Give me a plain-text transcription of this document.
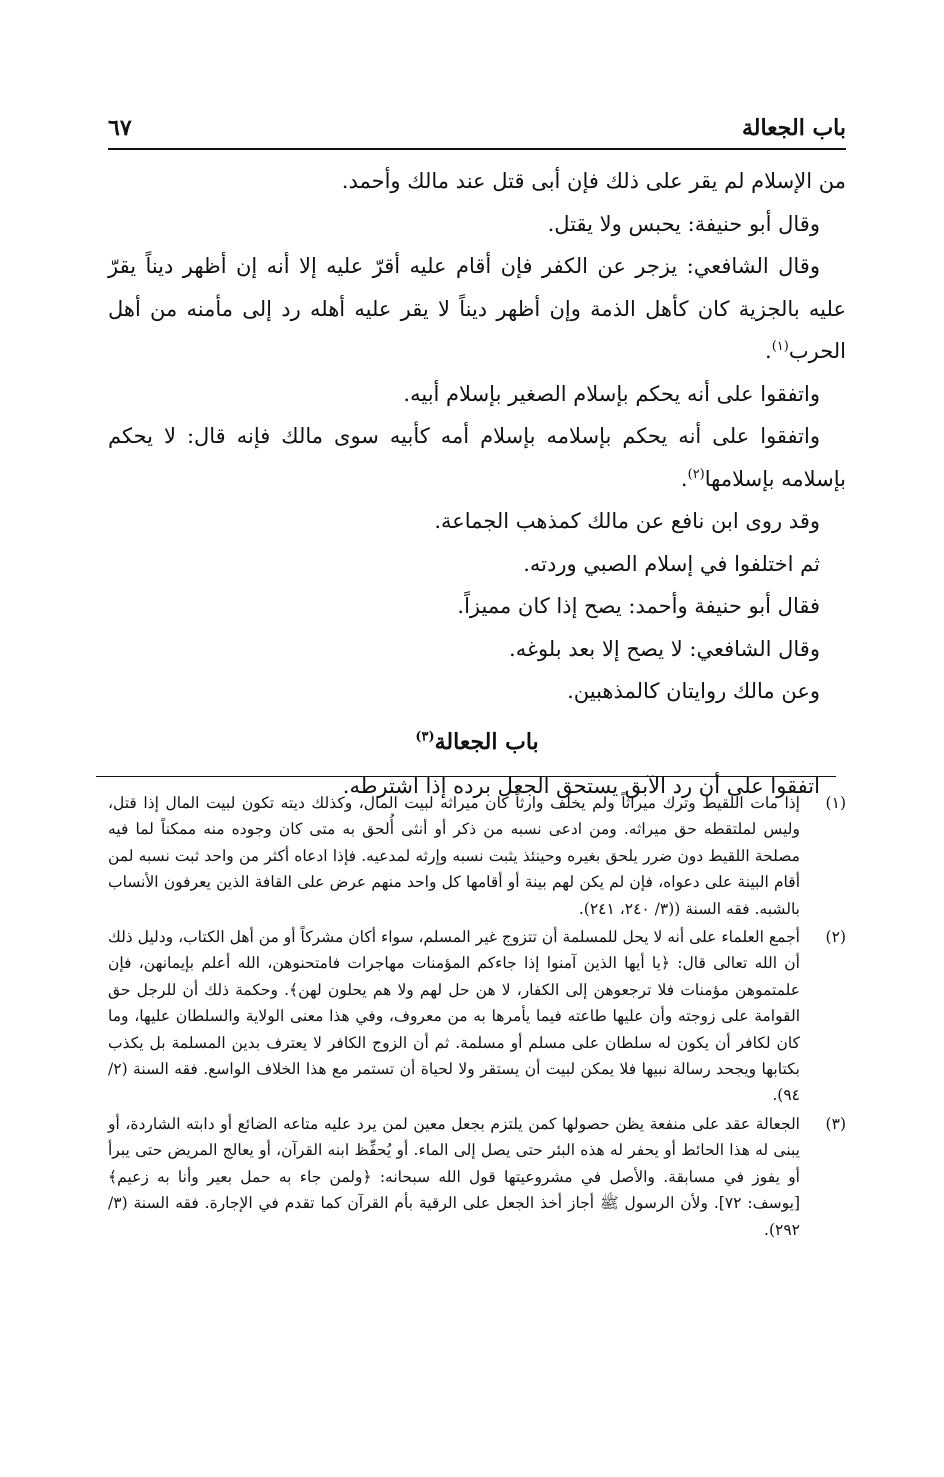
باب الجعالة
٦٧

من الإسلام لم يقر على ذلك فإن أبى قتل عند مالك وأحمد.

وقال أبو حنيفة: يحبس ولا يقتل.

وقال الشافعي: يزجر عن الكفر فإن أقام عليه أقرّ عليه إلا أنه إن أظهر ديناً يقرّ عليه بالجزية كان كأهل الذمة وإن أظهر ديناً لا يقر عليه أهله رد إلى مأمنه من أهل الحرب$^{(١)}$.

واتفقوا على أنه يحكم بإسلام الصغير بإسلام أبيه.

واتفقوا على أنه يحكم بإسلامه بإسلام أمه كأبيه سوى مالك فإنه قال: لا يحكم بإسلامه بإسلامها$^{(٢)}$.

وقد روى ابن نافع عن مالك كمذهب الجماعة.

ثم اختلفوا في إسلام الصبي وردته.

فقال أبو حنيفة وأحمد: يصح إذا كان مميزاً.

وقال الشافعي: لا يصح إلا بعد بلوغه.

وعن مالك روايتان كالمذهبين.

باب الجعالة$^{(٣)}$

اتفقوا على أن رد الآبق يستحق الجعل برده إذا اشترطه.

(١)
إذا مات اللقيط وترك ميراثاً ولم يخلف وارثاً كان ميراثه لبيت المال، وكذلك ديته تكون لبيت المال إذا قتل، وليس لملتقطه حق ميراثه. ومن ادعى نسبه من ذكر أو أنثى أُلحق به متى كان وجوده منه ممكناً لما فيه مصلحة اللقيط دون ضرر يلحق بغيره وحينئذ يثبت نسبه وإرثه لمدعيه. فإذا ادعاه أكثر من واحد ثبت نسبه لمن أقام البينة على دعواه، فإن لم يكن لهم بينة أو أقامها كل واحد منهم عرض على القافة الذين يعرفون الأنساب بالشبه. فقه السنة ((٣/ ٢٤٠، ٢٤١).
(٢)
أجمع العلماء على أنه لا يحل للمسلمة أن تتزوج غير المسلم، سواء أكان مشركاً أو من أهل الكتاب، ودليل ذلك أن الله تعالى قال: ﴿يا أيها الذين آمنوا إذا جاءكم المؤمنات مهاجرات فامتحنوهن، الله أعلم بإيمانهن، فإن علمتموهن مؤمنات فلا ترجعوهن إلى الكفار، لا هن حل لهم ولا هم يحلون لهن﴾. وحكمة ذلك أن للرجل حق القوامة على زوجته وأن عليها طاعته فيما يأمرها به من معروف، وفي هذا معنى الولاية والسلطان عليها، وما كان لكافر أن يكون له سلطان على مسلم أو مسلمة. ثم أن الزوج الكافر لا يعترف بدين المسلمة بل يكذب بكتابها ويجحد رسالة نبيها فلا يمكن لبيت أن يستقر ولا لحياة أن تستمر مع هذا الخلاف الواسع. فقه السنة (٢/ ٩٤).
(٣)
الجعالة عقد على منفعة يظن حصولها كمن يلتزم بجعل معين لمن يرد عليه متاعه الضائع أو دابته الشاردة، أو يبنى له هذا الحائط أو يحفر له هذه البئر حتى يصل إلى الماء. أو يُحفِّظ ابنه القرآن، أو يعالج المريض حتى يبرأ أو يفوز في مسابقة. والأصل في مشروعيتها قول الله سبحانه: ﴿ولمن جاء به حمل بعير وأنا به زعيم﴾ [يوسف: ٧٢]. ولأن الرسول ﷺ أجاز أخذ الجعل على الرقية بأم القرآن كما تقدم في الإجارة. فقه السنة (٣/ ٢٩٢).
